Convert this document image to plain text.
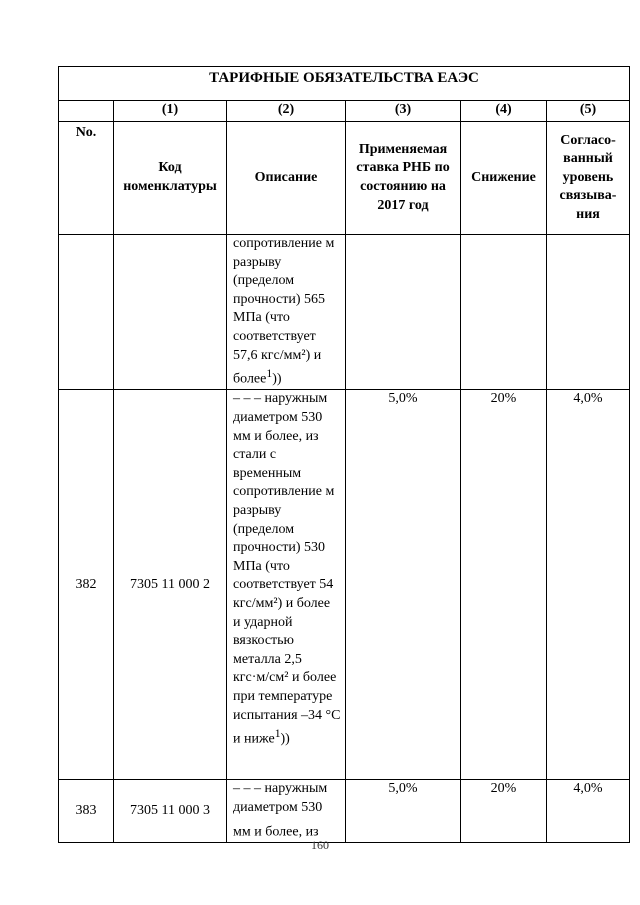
ТАРИФНЫЕ ОБЯЗАТЕЛЬСТВА ЕАЭС					
	(1)	(2)	(3)	(4)	(5)
No.	Код номенклатуры	Описание	Применяемая ставка РНБ по состоянию на 2017 год	Снижение	Согласо-ванный уровень связыва-ния
		сопротивление м разрыву (пределом прочности) 565 МПа (что соответствует 57,6 кгс/мм²) и более$^1$))			
382	7305 11 000 2	– – – наружным диаметром 530 мм и более, из стали с временным сопротивление м разрыву (пределом прочности) 530 МПа (что соответствует 54 кгс/мм²) и более и ударной вязкостью металла 2,5 кгс·м/см² и более при температуре испытания –34 °С и ниже$^1$))	5,0%	20%	4,0%
383	7305 11 000 3	– – – наружным диаметром 530 мм и более, из	5,0%	20%	4,0%
160
